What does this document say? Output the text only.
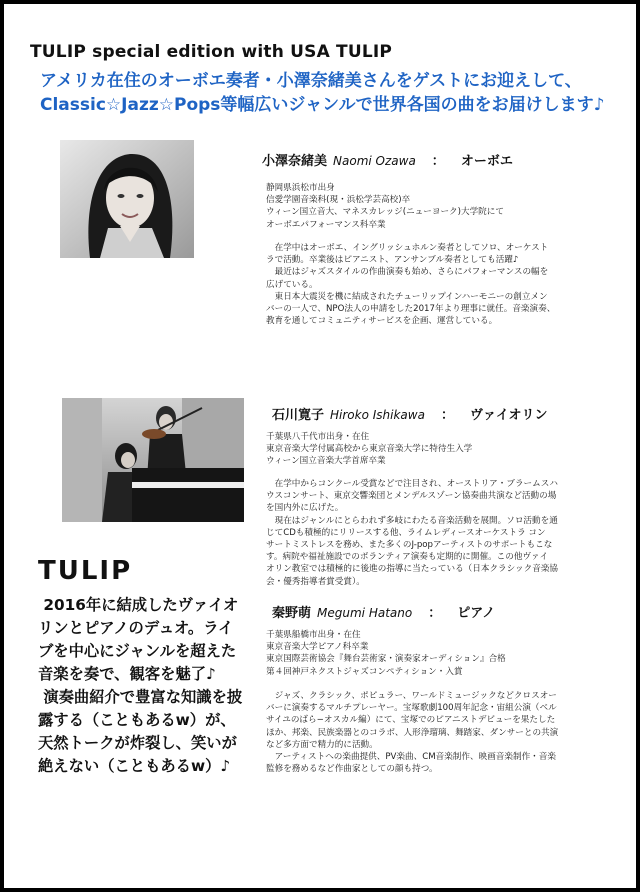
TULIP special edition with USA TULIP
アメリカ在住のオーボエ奏者・小澤奈緒美さんをゲストにお迎えして、
Classic☆Jazz☆Pops等幅広いジャンルで世界各国の曲をお届けします♪
小澤奈緒美 Naomi Ozawa ： オーボエ
静岡県浜松市出身
信愛学園音楽科(現・浜松学芸高校)卒
ウィーン国立音大、マネスカレッジ(ニューヨーク)大学院にて
オーボエパフォーマンス科卒業
　在学中はオーボエ、イングリッシュホルン奏者としてソロ、オーケスト
ラで活動。卒業後はピアニスト、アンサンブル奏者としても活躍♪
　最近はジャズスタイルの作曲演奏も始め、さらにパフォーマンスの幅を
広げている。
　東日本大震災を機に結成されたチューリップインハーモニーの創立メン
バーの一人で、NPO法人の申請をした2017年より理事に就任。音楽演奏、
教育を通してコミュニティサービスを企画、運営している。
石川寛子 Hiroko Ishikawa ： ヴァイオリン
千葉県八千代市出身・在住
東京音楽大学付属高校から東京音楽大学に特待生入学
ウィーン国立音楽大学首席卒業
　在学中からコンクール受賞などで注目され、オーストリア・ブラームスハ
ウスコンサート、東京交響楽団とメンデルスゾーン協奏曲共演など活動の場
を国内外に広げた。
　現在はジャンルにとらわれず多岐にわたる音楽活動を展開。ソロ活動を通
じてCDも積極的にリリースする他、ライムレディースオーケストラ コン
サートミストレスを務め、また多くのJ-popアーティストのサポートもこな
す。病院や福祉施設でのボランティア演奏も定期的に開催。この他ヴァイ
オリン教室では積極的に後進の指導に当たっている（日本クラシック音楽協
会・優秀指導者賞受賞）。
TULIP
2016年に結成したヴァイオ
リンとピアノのデュオ。ライ
ブを中心にジャンルを超えた
音楽を奏で、観客を魅了♪
演奏曲紹介で豊富な知識を披
露する（こともあるw）が、
天然トークが炸裂し、笑いが
絶えない（こともあるw）♪
秦野萌 Megumi Hatano ： ピアノ
千葉県船橋市出身・在住
東京音楽大学ピアノ科卒業
東京国際芸術協会『舞台芸術家・演奏家オーディション』合格
第４回神戸ネクストジャズコンペティション・入賞
　ジャズ、クラシック、ポピュラー、ワールドミュージックなどクロスオー
バーに演奏するマルチプレーヤー。宝塚歌劇100周年記念・宙組公演（ベル
サイユのばら−オスカル編）にて、宝塚でのピアニストデビューを果たした
ほか、邦楽、民族楽器とのコラボ、人形浄瑠璃、舞踏家、ダンサーとの共演
など多方面で精力的に活動。
　アーティストへの楽曲提供、PV楽曲、CM音楽制作、映画音楽制作・音楽
監修を務めるなど作曲家としての顔も持つ。
